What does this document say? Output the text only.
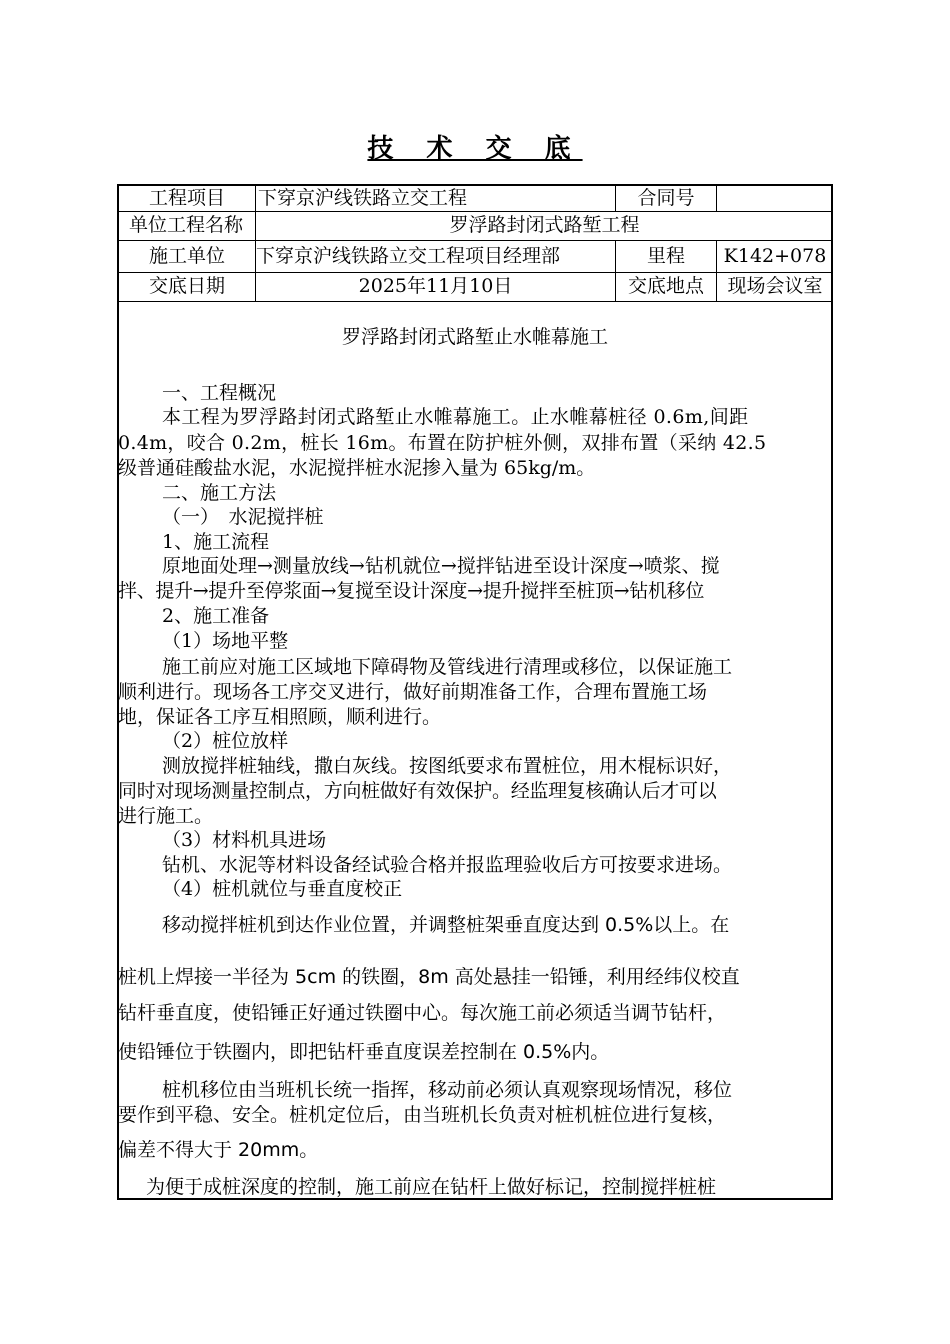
技 术 交 底
工程项目	下穿京沪线铁路立交工程	合同号
单位工程名称	罗浮路封闭式路堑工程
施工单位	下穿京沪线铁路立交工程项目经理部	里程	K142+078
交底日期	2025年11月10日	交底地点	现场会议室
罗浮路封闭式路堑止水帷幕施工
一、工程概况
本工程为罗浮路封闭式路堑止水帷幕施工。止水帷幕桩径 0.6m,间距
0.4m，咬合 0.2m，桩长 16m。布置在防护桩外侧，双排布置（采纳 42.5
级普通硅酸盐水泥，水泥搅拌桩水泥掺入量为 65kg/m。
二、施工方法
（一）　水泥搅拌桩
1、施工流程
原地面处理→测量放线→钻机就位→搅拌钻进至设计深度→喷浆、搅
拌、提升→提升至停浆面→复搅至设计深度→提升搅拌至桩顶→钻机移位
2、施工准备
（1）场地平整
施工前应对施工区域地下障碍物及管线进行清理或移位，以保证施工
顺利进行。现场各工序交叉进行，做好前期准备工作，合理布置施工场
地，保证各工序互相照顾，顺利进行。
（2）桩位放样
测放搅拌桩轴线，撒白灰线。按图纸要求布置桩位，用木棍标识好，
同时对现场测量控制点，方向桩做好有效保护。经监理复核确认后才可以
进行施工。
（3）材料机具进场
钻机、水泥等材料设备经试验合格并报监理验收后方可按要求进场。
（4）桩机就位与垂直度校正
移动搅拌桩机到达作业位置，并调整桩架垂直度达到 0.5%以上。在
桩机上焊接一半径为 5cm 的铁圈，8m 高处悬挂一铅锤，利用经纬仪校直
钻杆垂直度，使铅锤正好通过铁圈中心。每次施工前必须适当调节钻杆，
使铅锤位于铁圈内，即把钻杆垂直度误差控制在 0.5%内。
桩机移位由当班机长统一指挥，移动前必须认真观察现场情况，移位
要作到平稳、安全。桩机定位后，由当班机长负责对桩机桩位进行复核，
偏差不得大于 20mm。
为便于成桩深度的控制，施工前应在钻杆上做好标记，控制搅拌桩桩
